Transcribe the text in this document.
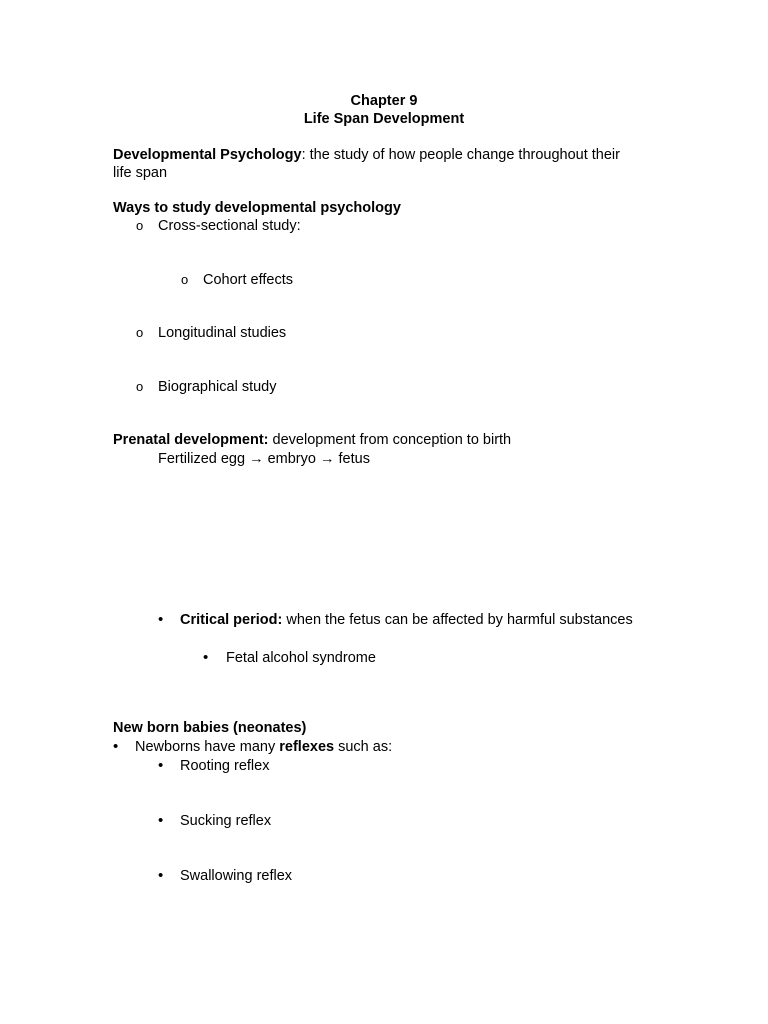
Chapter 9
Life Span Development
Developmental Psychology: the study of how people change throughout their
life span
Ways to study developmental psychology
o Cross-sectional study:
o Cohort effects
o Longitudinal studies
o Biographical study
Prenatal development: development from conception to birth
Fertilized egg → embryo → fetus
• Critical period: when the fetus can be affected by harmful substances
• Fetal alcohol syndrome
New born babies (neonates)
• Newborns have many reflexes such as:
• Rooting reflex
• Sucking reflex
• Swallowing reflex
